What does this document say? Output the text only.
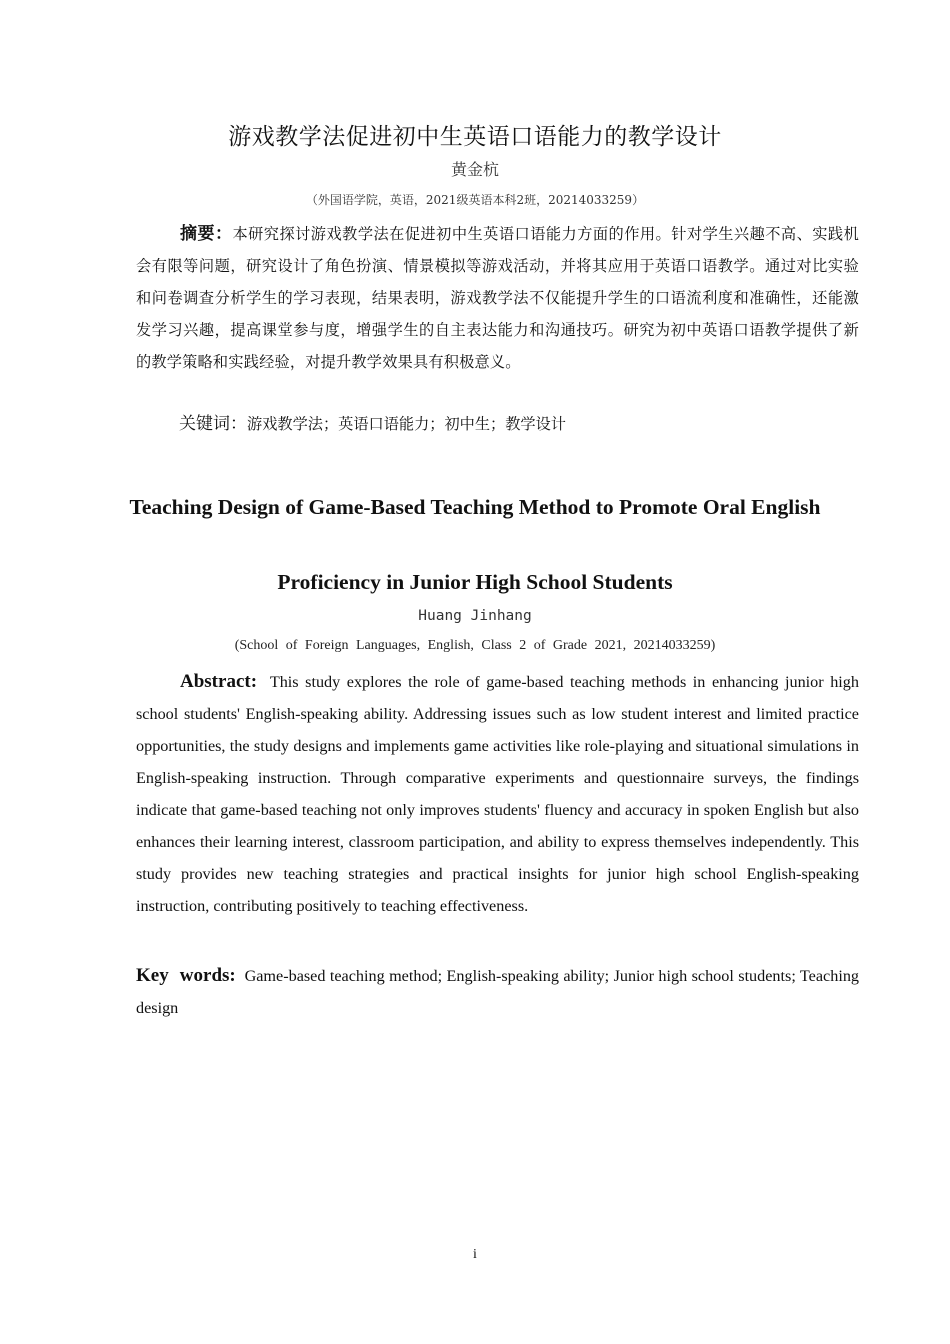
游戏教学法促进初中生英语口语能力的教学设计
黄金杭
（外国语学院，英语，2021级英语本科2班，20214033259）

摘要：本研究探讨游戏教学法在促进初中生英语口语能力方面的作用。针对学生兴趣不高、实践机会有限等问题，研究设计了角色扮演、情景模拟等游戏活动，并将其应用于英语口语教学。通过对比实验和问卷调查分析学生的学习表现，结果表明，游戏教学法不仅能提升学生的口语流利度和准确性，还能激发学习兴趣，提高课堂参与度，增强学生的自主表达能力和沟通技巧。研究为初中英语口语教学提供了新的教学策略和实践经验，对提升教学效果具有积极意义。

关键词：游戏教学法；英语口语能力；初中生；教学设计

Teaching Design of Game-Based Teaching Method to Promote Oral English
Proficiency in Junior High School Students
Huang Jinhang
(School of Foreign Languages, English, Class 2 of Grade 2021, 20214033259)

Abstract: This study explores the role of game-based teaching methods in enhancing junior high school students' English-speaking ability. Addressing issues such as low student interest and limited practice opportunities, the study designs and implements game activities like role-playing and situational simulations in English-speaking instruction. Through comparative experiments and questionnaire surveys, the findings indicate that game-based teaching not only improves students' fluency and accuracy in spoken English but also enhances their learning interest, classroom participation, and ability to express themselves independently. This study provides new teaching strategies and practical insights for junior high school English-speaking instruction, contributing positively to teaching effectiveness.

Key words: Game-based teaching method; English-speaking ability; Junior high school students; Teaching design

i
